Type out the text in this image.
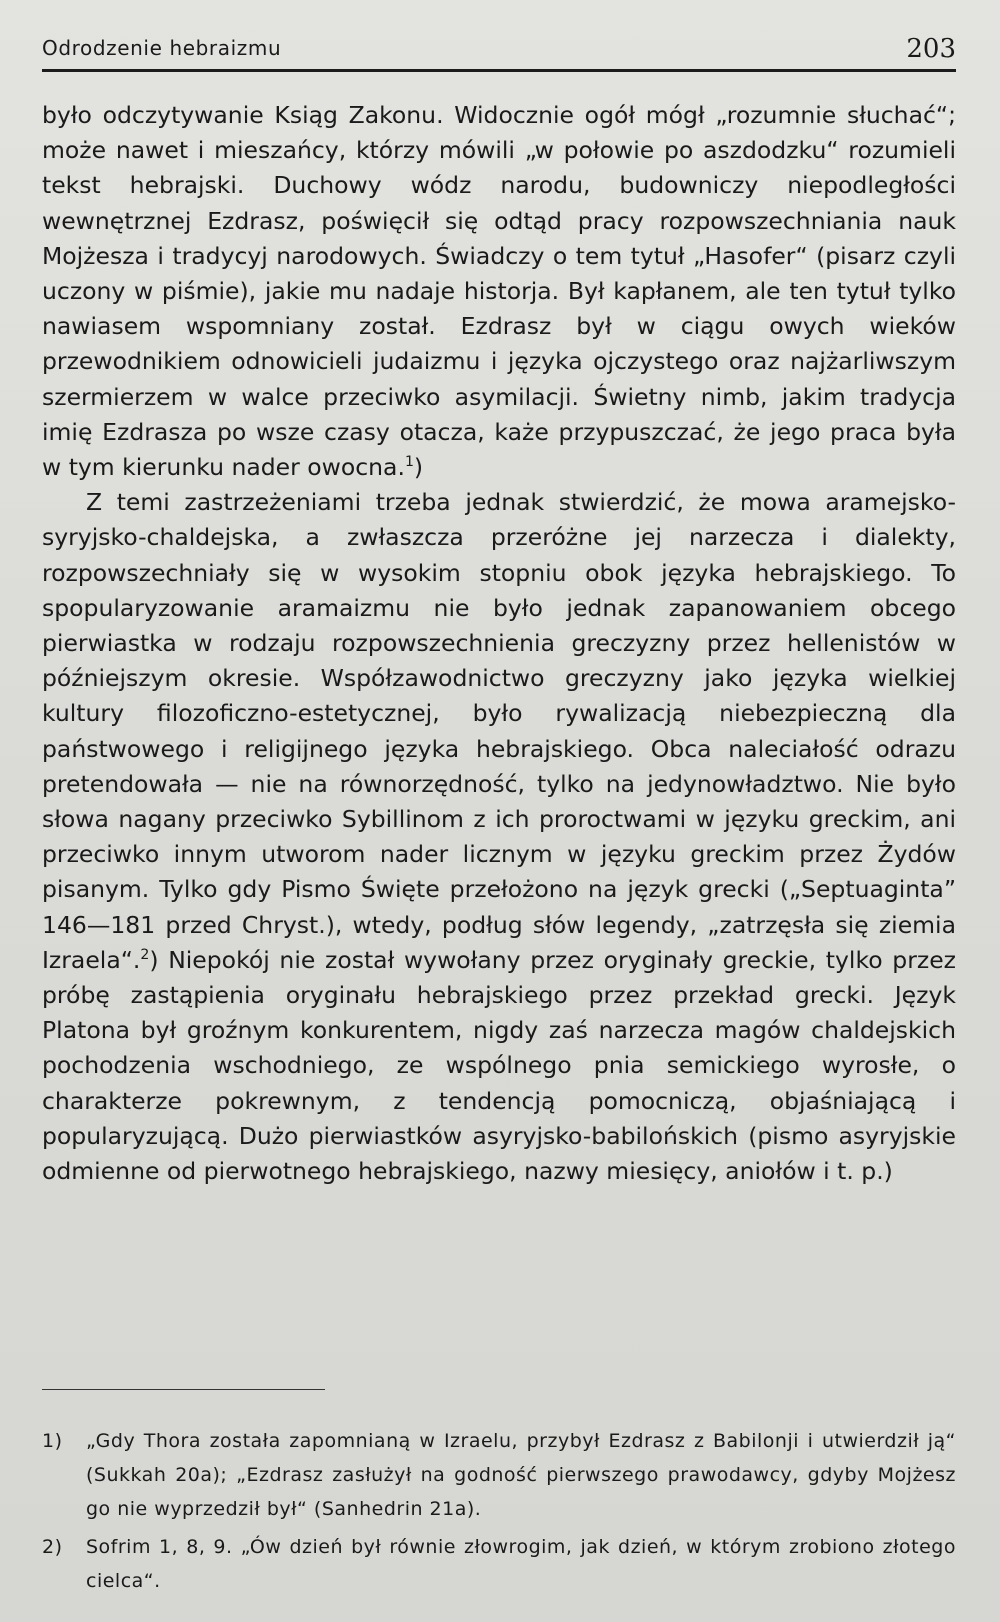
Odrodzenie hebraizmu	203

było odczytywanie Ksiąg Zakonu. Widocznie ogół mógł „rozumnie słuchać“; może nawet i mieszańcy, którzy mówili „w połowie po aszdodzku“ rozumieli tekst hebrajski. Duchowy wódz narodu, budowniczy niepodległości wewnętrznej Ezdrasz, poświęcił się odtąd pracy rozpowszechniania nauk Mojżesza i tradycyj narodowych. Świadczy o tem tytuł „Hasofer“ (pisarz czyli uczony w piśmie), jakie mu nadaje historja. Był kapłanem, ale ten tytuł tylko nawiasem wspomniany został. Ezdrasz był w ciągu owych wieków przewodnikiem odnowicieli judaizmu i języka ojczystego oraz najżarliwszym szermierzem w walce przeciwko asymilacji. Świetny nimb, jakim tradycja imię Ezdrasza po wsze czasy otacza, każe przypuszczać, że jego praca była w tym kierunku nader owocna.$^1$)

Z temi zastrzeżeniami trzeba jednak stwierdzić, że mowa aramejsko-syryjsko-chaldejska, a zwłaszcza przeróżne jej narzecza i dialekty, rozpowszechniały się w wysokim stopniu obok języka hebrajskiego. To spopularyzowanie aramaizmu nie było jednak zapanowaniem obcego pierwiastka w rodzaju rozpowszechnienia greczyzny przez hellenistów w późniejszym okresie. Współzawodnictwo greczyzny jako języka wielkiej kultury filozoficzno-estetycznej, było rywalizacją niebezpieczną dla państwowego i religijnego języka hebrajskiego. Obca naleciałość odrazu pretendowała — nie na równorzędność, tylko na jedynowładztwo. Nie było słowa nagany przeciwko Sybillinom z ich proroctwami w języku greckim, ani przeciwko innym utworom nader licznym w języku greckim przez Żydów pisanym. Tylko gdy Pismo Święte przełożono na język grecki („Septuaginta” 146—181 przed Chryst.), wtedy, podług słów legendy, „zatrzęsła się ziemia Izraela“.$^2$) Niepokój nie został wywołany przez oryginały greckie, tylko przez próbę zastąpienia oryginału hebrajskiego przez przekład grecki. Język Platona był groźnym konkurentem, nigdy zaś narzecza magów chaldejskich pochodzenia wschodniego, ze wspólnego pnia semickiego wyrosłe, o charakterze pokrewnym, z tendencją pomocniczą, objaśniającą i popularyzującą. Dużo pierwiastków asyryjsko-babilońskich (pismo asyryjskie odmienne od pierwotnego hebrajskiego, nazwy miesięcy, aniołów i t. p.)

1) „Gdy Thora została zapomnianą w Izraelu, przybył Ezdrasz z Babilonji i utwierdził ją“ (Sukkah 20a); „Ezdrasz zasłużył na godność pierwszego prawodawcy, gdyby Mojżesz go nie wyprzedził był“ (Sanhedrin 21a).
2) Sofrim 1, 8, 9. „Ów dzień był równie złowrogim, jak dzień, w którym zrobiono złotego cielca“.
